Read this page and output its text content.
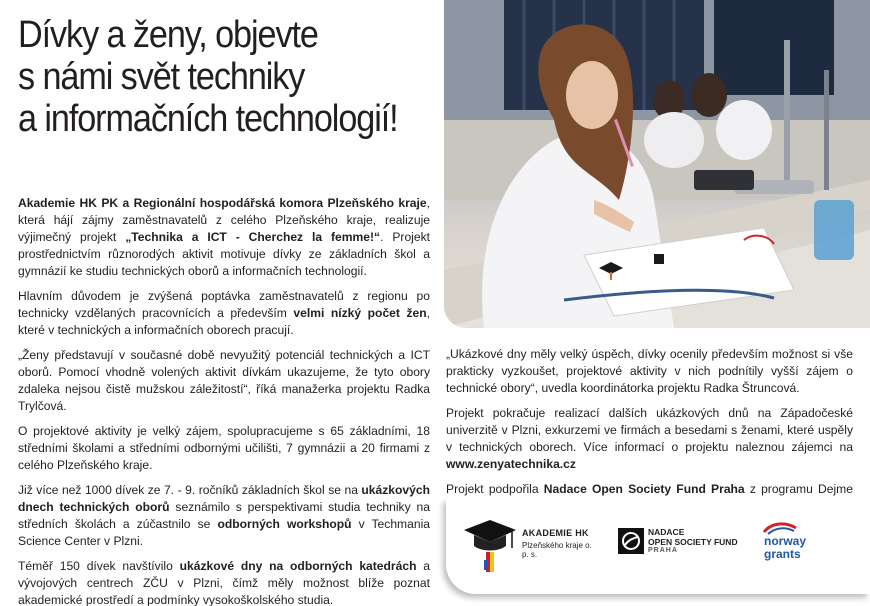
Dívky a ženy, objevte
s námi svět techniky
a informačních technologií!

Akademie HK PK a Regionální hospodářská komora Plzeňského kraje, která hájí zájmy zaměstnavatelů z celého Plzeňského kraje, realizuje výjimečný projekt „Technika a ICT - Cherchez la femme!“. Projekt prostřednictvím různorodých aktivit motivuje dívky ze základních škol a gymnázií ke studiu technických oborů a informačních technologií.

Hlavním důvodem je zvýšená poptávka zaměstnavatelů z regionu po technicky vzdělaných pracovnících a především velmi nízký počet žen, které v technických a informačních oborech pracují.

„Ženy představují v současné době nevyužitý potenciál technických a ICT oborů. Pomocí vhodně volených aktivit dívkám ukazujeme, že tyto obory zdaleka nejsou čistě mužskou záležitostí“, říká manažerka projektu Radka Trylčová.

O projektové aktivity je velký zájem, spolupracujeme s 65 základními, 18 středními školami a středními odbornými učilišti, 7 gymnázii a 20 firmami z celého Plzeňského kraje.

Již více než 1000 dívek ze 7. - 9. ročníků základních škol se na ukázkových dnech technických oborů seznámilo s perspektivami studia techniky na středních školách a zúčastnilo se odborných workshopů v Techmania Science Center v Plzni.

Téměř 150 dívek navštívilo ukázkové dny na odborných katedrách a vývojových centrech ZČU v Plzni, čímž měly možnost blíže poznat akademické prostředí a podmínky vysokoškolského studia.

„Ukázkové dny měly velký úspěch, dívky ocenily především možnost si vše prakticky vyzkoušet, projektové aktivity v nich podnítily vyšší zájem o technické obory“, uvedla koordinátorka projektu Radka Štruncová.

Projekt pokračuje realizací dalších ukázkových dnů na Západočeské univerzitě v Plzni, exkurzemi ve firmách a besedami s ženami, které uspěly v technických oborech. Více informací o projektu naleznou zájemci na www.zenyatechnika.cz

Projekt podpořila Nadace Open Society Fund Praha z programu Dejme

AKADEMIE HK
Plzeňského kraje o. p. s.
NADACE
OPEN SOCIETY FUND
PRAHA
norway
grants
